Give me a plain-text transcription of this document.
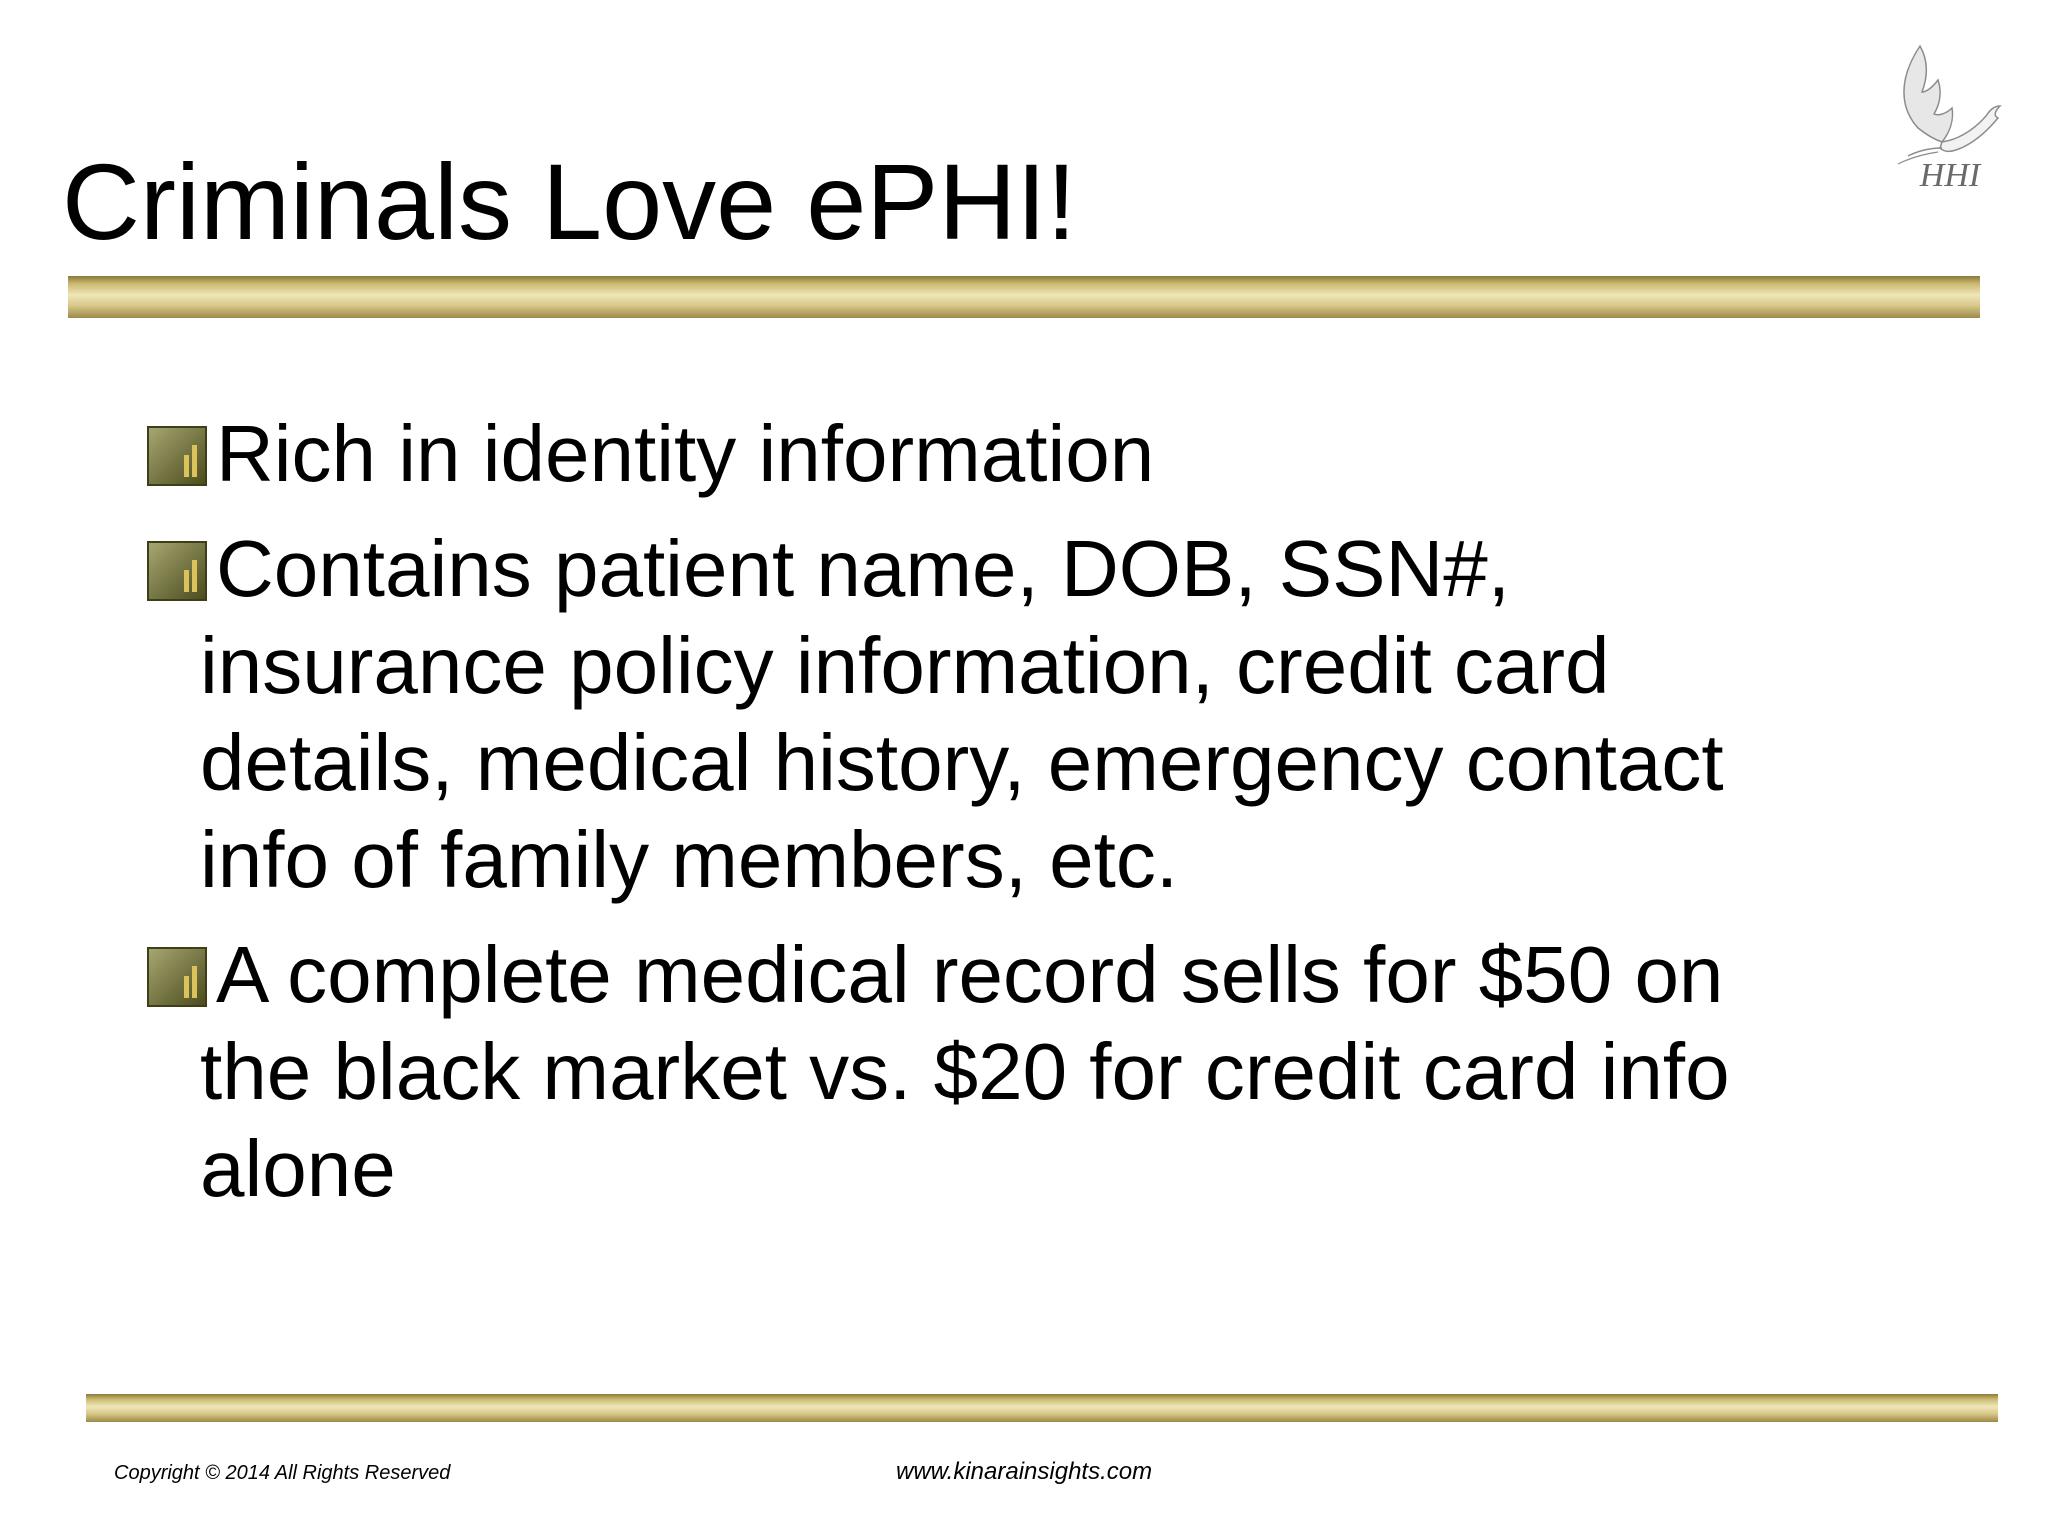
Criminals Love ePHI!	HHI
Rich in identity information
Contains patient name, DOB, SSN#,
insurance policy information, credit card
details, medical history, emergency contact
info of family members, etc.
A complete medical record sells for $50 on
the black market vs. $20 for credit card info
alone
Copyright © 2014 All Rights Reserved	www.kinarainsights.com
